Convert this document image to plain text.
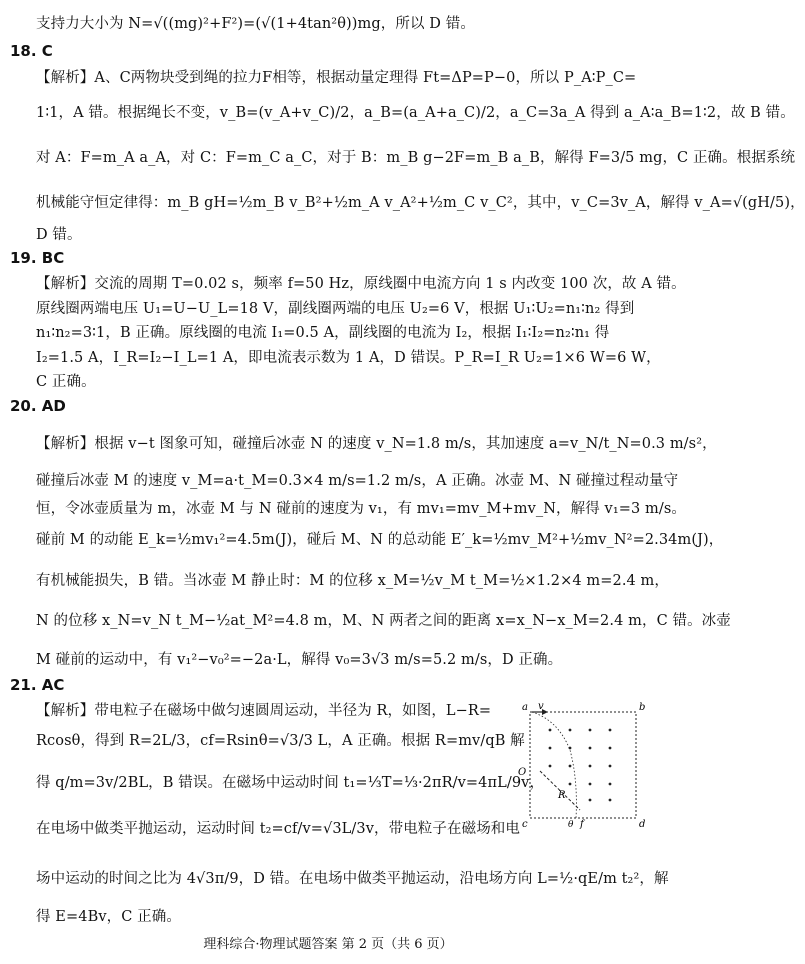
支持力大小为 N=√((mg)²+F²)=(√(1+4tan²θ))mg，所以 D 错。
18. C
【解析】A、C两物块受到绳的拉力F相等，根据动量定理得 Ft=ΔP=P−0，所以 P_A∶P_C=
1∶1，A 错。根据绳长不变，v_B=(v_A+v_C)/2，a_B=(a_A+a_C)/2，a_C=3a_A 得到 a_A∶a_B=1∶2，故 B 错。
对 A：F=m_A a_A，对 C：F=m_C a_C，对于 B：m_B g−2F=m_B a_B，解得 F=3/5 mg，C 正确。根据系统
机械能守恒定律得：m_B gH=½m_B v_B²+½m_A v_A²+½m_C v_C²，其中，v_C=3v_A，解得 v_A=√(gH/5)，
D 错。
19. BC
【解析】交流的周期 T=0.02 s，频率 f=50 Hz，原线圈中电流方向 1 s 内改变 100 次，故 A 错。
原线圈两端电压 U₁=U−U_L=18 V，副线圈两端的电压 U₂=6 V，根据 U₁∶U₂=n₁∶n₂ 得到
n₁∶n₂=3∶1，B 正确。原线圈的电流 I₁=0.5 A，副线圈的电流为 I₂，根据 I₁∶I₂=n₂∶n₁ 得
I₂=1.5 A，I_R=I₂−I_L=1 A，即电流表示数为 1 A，D 错误。P_R=I_R U₂=1×6 W=6 W，
C 正确。
20. AD
【解析】根据 v−t 图象可知，碰撞后冰壶 N 的速度 v_N=1.8 m/s，其加速度 a=v_N/t_N=0.3 m/s²，
碰撞后冰壶 M 的速度 v_M=a·t_M=0.3×4 m/s=1.2 m/s，A 正确。冰壶 M、N 碰撞过程动量守
恒，令冰壶质量为 m，冰壶 M 与 N 碰前的速度为 v₁，有 mv₁=mv_M+mv_N，解得 v₁=3 m/s。
碰前 M 的动能 E_k=½mv₁²=4.5m(J)，碰后 M、N 的总动能 E′_k=½mv_M²+½mv_N²=2.34m(J)，
有机械能损失，B 错。当冰壶 M 静止时：M 的位移 x_M=½v_M t_M=½×1.2×4 m=2.4 m，
N 的位移 x_N=v_N t_M−½at_M²=4.8 m，M、N 两者之间的距离 x=x_N−x_M=2.4 m，C 错。冰壶
M 碰前的运动中，有 v₁²−v₀²=−2a·L，解得 v₀=3√3 m/s=5.2 m/s，D 正确。
21. AC
【解析】带电粒子在磁场中做匀速圆周运动，半径为 R，如图，L−R=
Rcosθ，得到 R=2L/3，cf=Rsinθ=√3/3 L，A 正确。根据 R=mv/qB 解
得 q/m=3v/2BL，B 错误。在磁场中运动时间 t₁=⅓T=⅓·2πR/v=4πL/9v，
在电场中做类平抛运动，运动时间 t₂=cf/v=√3L/3v，带电粒子在磁场和电
场中运动的时间之比为 4√3π/9，D 错。在电场中做类平抛运动，沿电场方向 L=½·qE/m t₂²，解
得 E=4Bv，C 正确。
a v	b
O
R
c	θ f	d
理科综合·物理试题答案 第 2 页（共 6 页）
